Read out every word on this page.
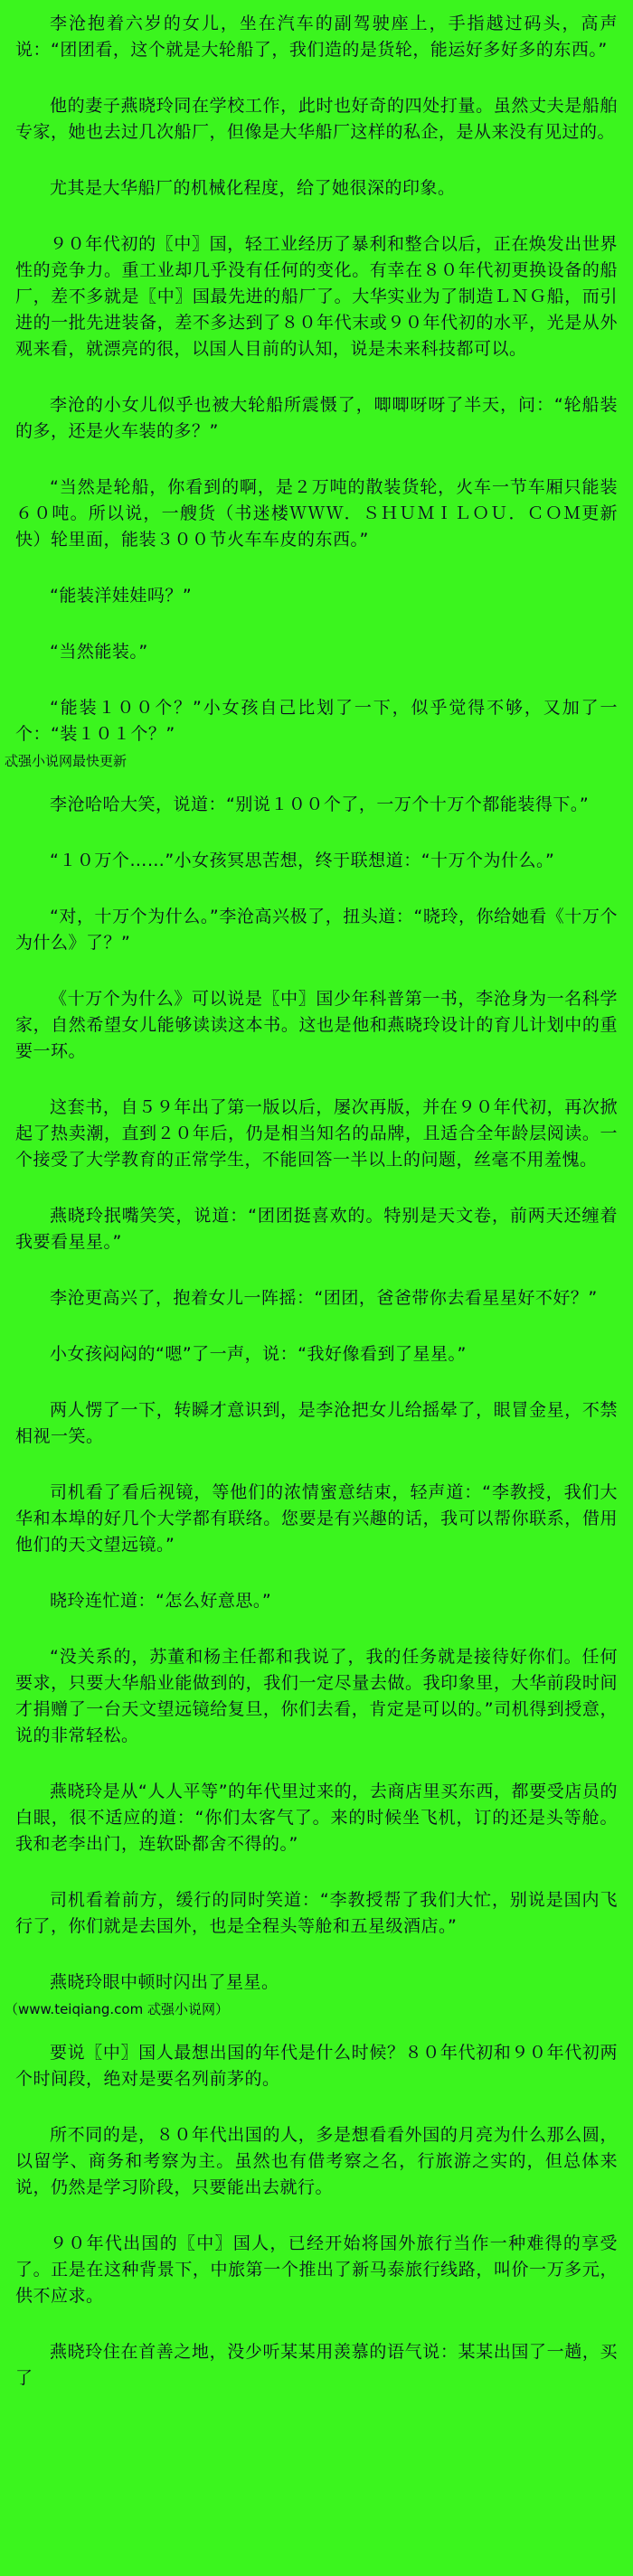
李沧抱着六岁的女儿，坐在汽车的副驾驶座上，手指越过码头，高声说：“团团看，这个就是大轮船了，我们造的是货轮，能运好多好多的东西。”

他的妻子燕晓玲同在学校工作，此时也好奇的四处打量。虽然丈夫是船舶专家，她也去过几次船厂，但像是大华船厂这样的私企，是从来没有见过的。

尤其是大华船厂的机械化程度，给了她很深的印象。

９０年代初的〖中〗国，轻工业经历了暴利和整合以后，正在焕发出世界性的竞争力。重工业却几乎没有任何的变化。有幸在８０年代初更换设备的船厂，差不多就是〖中〗国最先进的船厂了。大华实业为了制造ＬＮＧ船，而引进的一批先进装备，差不多达到了８０年代末或９０年代初的水平，光是从外观来看，就漂亮的很，以国人目前的认知，说是未来科技都可以。

李沧的小女儿似乎也被大轮船所震慑了，唧唧呀呀了半天，问：“轮船装的多，还是火车装的多？”

“当然是轮船，你看到的啊，是２万吨的散装货轮，火车一节车厢只能装６０吨。所以说，一艘货（书迷楼ＷＷＷ．ＳＨＵＭＩＬＯＵ．ＣＯＭ更新快）轮里面，能装３００节火车车皮的东西。”

“能装洋娃娃吗？”

“当然能装。”

“能装１００个？”小女孩自己比划了一下，似乎觉得不够，又加了一个：“装１０１个？”

忒强小说网最快更新

李沧哈哈大笑，说道：“别说１００个了，一万个十万个都能装得下。”

“１０万个……”小女孩冥思苦想，终于联想道：“十万个为什么。”

“对，十万个为什么。”李沧高兴极了，扭头道：“晓玲，你给她看《十万个为什么》了？”

《十万个为什么》可以说是〖中〗国少年科普第一书，李沧身为一名科学家，自然希望女儿能够读读这本书。这也是他和燕晓玲设计的育儿计划中的重要一环。

这套书，自５９年出了第一版以后，屡次再版，并在９０年代初，再次掀起了热卖潮，直到２０年后，仍是相当知名的品牌，且适合全年龄层阅读。一个接受了大学教育的正常学生，不能回答一半以上的问题，丝毫不用羞愧。

燕晓玲抿嘴笑笑，说道：“团团挺喜欢的。特别是天文卷，前两天还缠着我要看星星。”

李沧更高兴了，抱着女儿一阵摇：“团团，爸爸带你去看星星好不好？”

小女孩闷闷的“嗯”了一声，说：“我好像看到了星星。”

两人愣了一下，转瞬才意识到，是李沧把女儿给摇晕了，眼冒金星，不禁相视一笑。

司机看了看后视镜，等他们的浓情蜜意结束，轻声道：“李教授，我们大华和本埠的好几个大学都有联络。您要是有兴趣的话，我可以帮你联系，借用他们的天文望远镜。”

晓玲连忙道：“怎么好意思。”

“没关系的，苏董和杨主任都和我说了，我的任务就是接待好你们。任何要求，只要大华船业能做到的，我们一定尽量去做。我印象里，大华前段时间才捐赠了一台天文望远镜给复旦，你们去看，肯定是可以的。”司机得到授意，说的非常轻松。

燕晓玲是从“人人平等”的年代里过来的，去商店里买东西，都要受店员的白眼，很不适应的道：“你们太客气了。来的时候坐飞机，订的还是头等舱。我和老李出门，连软卧都舍不得的。”

司机看着前方，缓行的同时笑道：“李教授帮了我们大忙，别说是国内飞行了，你们就是去国外，也是全程头等舱和五星级酒店。”

燕晓玲眼中顿时闪出了星星。

（www.teiqiang.com 忒强小说网）

要说〖中〗国人最想出国的年代是什么时候？８０年代初和９０年代初两个时间段，绝对是要名列前茅的。

所不同的是，８０年代出国的人，多是想看看外国的月亮为什么那么圆，以留学、商务和考察为主。虽然也有借考察之名，行旅游之实的，但总体来说，仍然是学习阶段，只要能出去就行。

９０年代出国的〖中〗国人，已经开始将国外旅行当作一种难得的享受了。正是在这种背景下，中旅第一个推出了新马泰旅行线路，叫价一万多元，供不应求。

燕晓玲住在首善之地，没少听某某用羡慕的语气说：某某出国了一趟，买了
